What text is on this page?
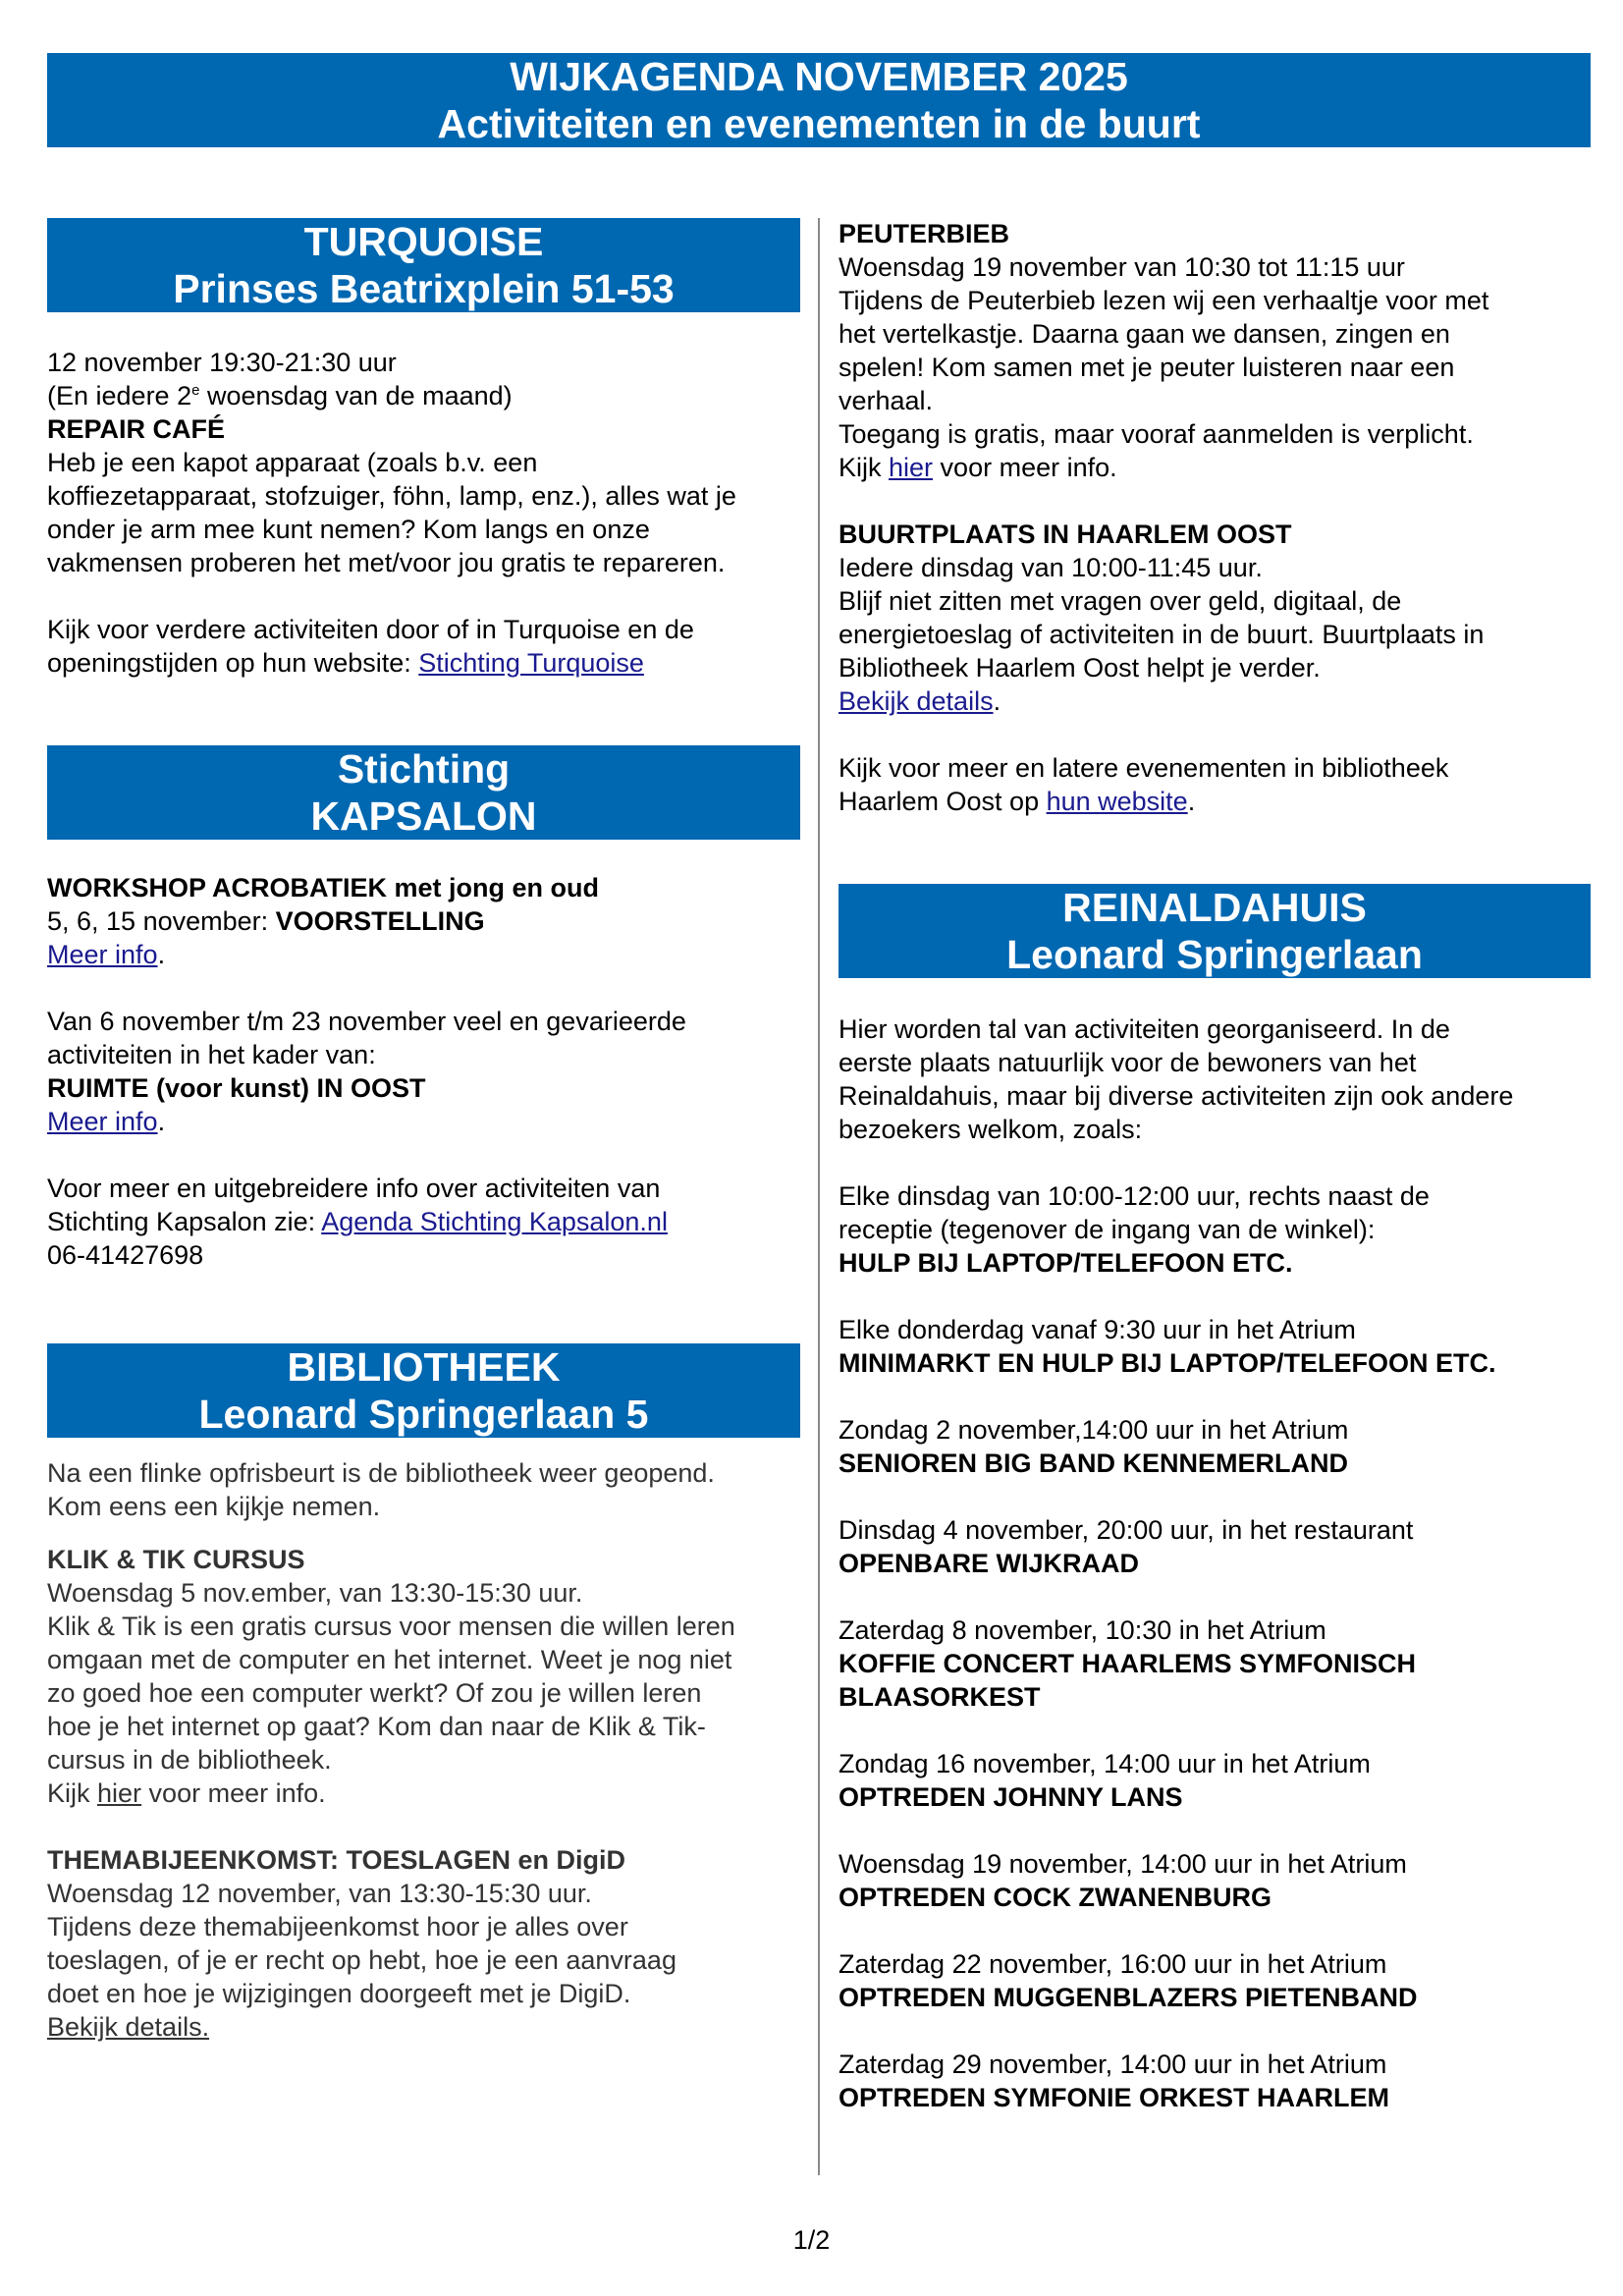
WIJKAGENDA NOVEMBER 2025
Activiteiten en evenementen in de buurt
TURQUOISE
Prinses Beatrixplein 51-53
12 november 19:30-21:30 uur
(En iedere 2e woensdag van de maand)
REPAIR CAFÉ
Heb je een kapot apparaat (zoals b.v. een
koffiezetapparaat, stofzuiger, föhn, lamp, enz.), alles wat je
onder je arm mee kunt nemen? Kom langs en onze
vakmensen proberen het met/voor jou gratis te repareren.
Kijk voor verdere activiteiten door of in Turquoise en de
openingstijden op hun website: Stichting Turquoise
Stichting
KAPSALON
WORKSHOP ACROBATIEK met jong en oud
5, 6, 15 november: VOORSTELLING
Meer info.
Van 6 november t/m 23 november veel en gevarieerde
activiteiten in het kader van:
RUIMTE (voor kunst) IN OOST
Meer info.
Voor meer en uitgebreidere info over activiteiten van
Stichting Kapsalon zie: Agenda Stichting Kapsalon.nl
06-41427698
BIBLIOTHEEK
Leonard Springerlaan 5
Na een flinke opfrisbeurt is de bibliotheek weer geopend.
Kom eens een kijkje nemen.
KLIK & TIK CURSUS
Woensdag 5 nov.ember, van 13:30-15:30 uur.
Klik & Tik is een gratis cursus voor mensen die willen leren
omgaan met de computer en het internet. Weet je nog niet
zo goed hoe een computer werkt? Of zou je willen leren
hoe je het internet op gaat? Kom dan naar de Klik & Tik-
cursus in de bibliotheek.
Kijk hier voor meer info.
THEMABIJEENKOMST: TOESLAGEN en DigiD
Woensdag 12 november, van 13:30-15:30 uur.
Tijdens deze themabijeenkomst hoor je alles over
toeslagen, of je er recht op hebt, hoe je een aanvraag
doet en hoe je wijzigingen doorgeeft met je DigiD.
Bekijk details.
PEUTERBIEB
Woensdag 19 november van 10:30 tot 11:15 uur
Tijdens de Peuterbieb lezen wij een verhaaltje voor met
het vertelkastje. Daarna gaan we dansen, zingen en
spelen! Kom samen met je peuter luisteren naar een
verhaal.
Toegang is gratis, maar vooraf aanmelden is verplicht.
Kijk hier voor meer info.
BUURTPLAATS IN HAARLEM OOST
Iedere dinsdag van 10:00-11:45 uur.
Blijf niet zitten met vragen over geld, digitaal, de
energietoeslag of activiteiten in de buurt. Buurtplaats in
Bibliotheek Haarlem Oost helpt je verder.
Bekijk details.
Kijk voor meer en latere evenementen in bibliotheek
Haarlem Oost op hun website.
REINALDAHUIS
Leonard Springerlaan
Hier worden tal van activiteiten georganiseerd. In de
eerste plaats natuurlijk voor de bewoners van het
Reinaldahuis, maar bij diverse activiteiten zijn ook andere
bezoekers welkom, zoals:
Elke dinsdag van 10:00-12:00 uur, rechts naast de
receptie (tegenover de ingang van de winkel):
HULP BIJ LAPTOP/TELEFOON ETC.
Elke donderdag vanaf 9:30 uur in het Atrium
MINIMARKT EN HULP BIJ LAPTOP/TELEFOON ETC.
Zondag 2 november,14:00 uur in het Atrium
SENIOREN BIG BAND KENNEMERLAND
Dinsdag 4 november, 20:00 uur, in het restaurant
OPENBARE WIJKRAAD
Zaterdag 8 november, 10:30 in het Atrium
KOFFIE CONCERT HAARLEMS SYMFONISCH
BLAASORKEST
Zondag 16 november, 14:00 uur in het Atrium
OPTREDEN JOHNNY LANS
Woensdag 19 november, 14:00 uur in het Atrium
OPTREDEN COCK ZWANENBURG
Zaterdag 22 november, 16:00 uur in het Atrium
OPTREDEN MUGGENBLAZERS PIETENBAND
Zaterdag 29 november, 14:00 uur in het Atrium
OPTREDEN SYMFONIE ORKEST HAARLEM
1/2
